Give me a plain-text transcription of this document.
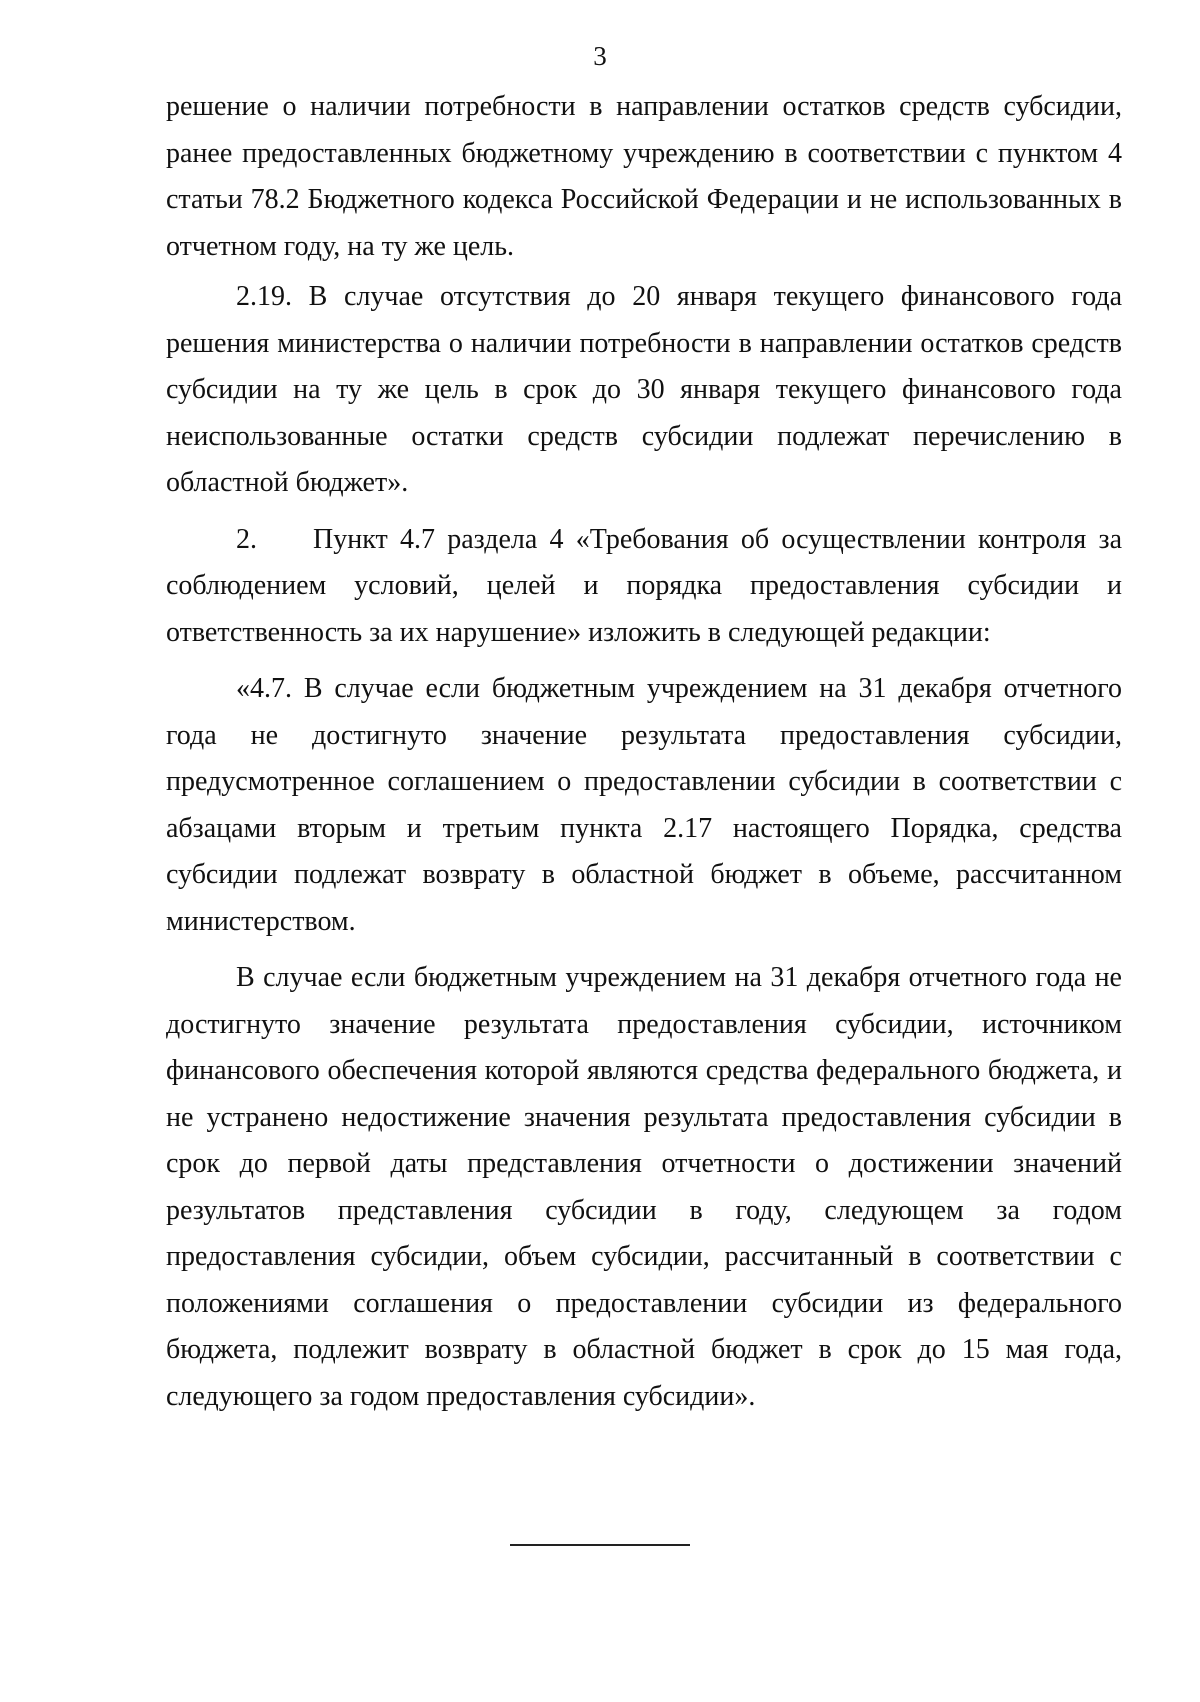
3

решение о наличии потребности в направлении остатков средств субсидии, ранее предоставленных бюджетному учреждению в соответствии с пунктом 4 статьи 78.2 Бюджетного кодекса Российской Федерации и не использованных в отчетном году, на ту же цель.

2.19. В случае отсутствия до 20 января текущего финансового года решения министерства о наличии потребности в направлении остатков средств субсидии на ту же цель в срок до 30 января текущего финансового года неиспользованные остатки средств субсидии подлежат перечислению в областной бюджет».

2.  Пункт 4.7 раздела 4 «Требования об осуществлении контроля за соблюдением условий, целей и порядка предоставления субсидии и ответственность за их нарушение» изложить в следующей редакции:

«4.7. В случае если бюджетным учреждением на 31 декабря отчетного года не достигнуто значение результата предоставления субсидии, предусмотренное соглашением о предоставлении субсидии в соответствии с абзацами вторым и третьим пункта 2.17 настоящего Порядка, средства субсидии подлежат возврату в областной бюджет в объеме, рассчитанном министерством.

В случае если бюджетным учреждением на 31 декабря отчетного года не достигнуто значение результата предоставления субсидии, источником финансового обеспечения которой являются средства федерального бюджета, и не устранено недостижение значения результата предоставления субсидии в срок до первой даты представления отчетности о достижении значений результатов представления субсидии в году, следующем за годом предоставления субсидии, объем субсидии, рассчитанный в соответствии с положениями соглашения о предоставлении субсидии из федерального бюджета, подлежит возврату в областной бюджет в срок до 15 мая года, следующего за годом предоставления субсидии».
